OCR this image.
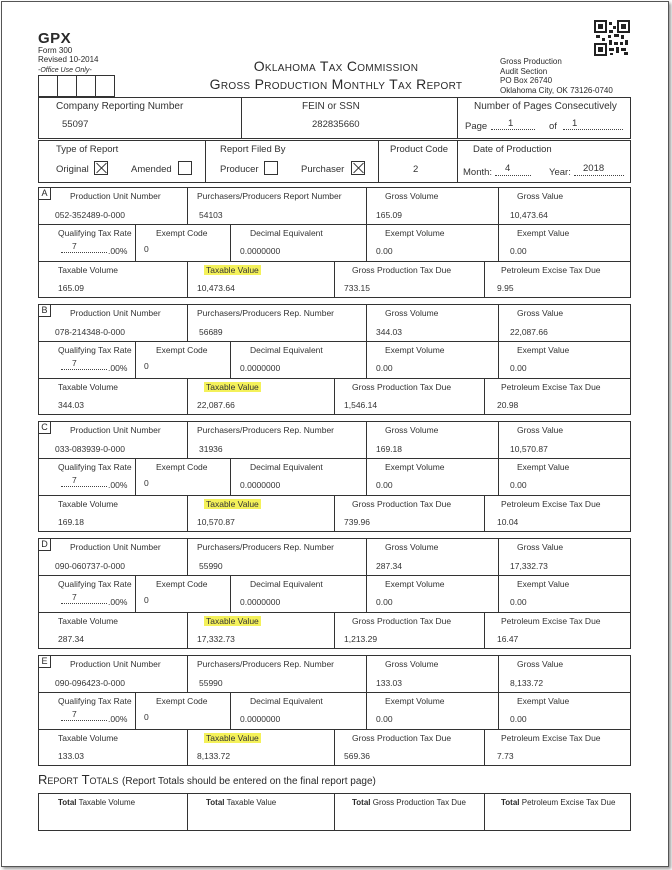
GPX
Form 300
Revised 10-2014
-Office Use Only-	Oklahoma Tax Commission
Gross Production Monthly Tax Report
Gross Production
Audit Section
PO Box 26740
Oklahoma City, OK 73126-0740
Company Reporting Number
55097
FEIN or SSN
282835660
Number of Pages Consecutively
Page 1	of 1
Type of Report
Original	Amended
Report Filed By
Producer	Purchaser
Product Code
2
Date of Production
Month: 4	Year: 2018
A	Production Unit Number
052-352489-0-000
Purchasers/Producers Report Number
54103
Gross Volume
165.09
Gross Value
10,473.64
Qualifying Tax Rate
7	.00%
Exempt Code
0
Decimal Equivalent
0.0000000
Exempt Volume
0.00
Exempt Value
0.00
Taxable Volume
165.09
Taxable Value
10,473.64
Gross Production Tax Due
733.15
Petroleum Excise Tax Due
9.95
B	Production Unit Number
078-214348-0-000
Purchasers/Producers Rep. Number
56689
Gross Volume
344.03
Gross Value
22,087.66
Qualifying Tax Rate
7	.00%
Exempt Code
0
Decimal Equivalent
0.0000000
Exempt Volume
0.00
Exempt Value
0.00
Taxable Volume
344.03
Taxable Value
22,087.66
Gross Production Tax Due
1,546.14
Petroleum Excise Tax Due
20.98
C	Production Unit Number
033-083939-0-000
Purchasers/Producers Rep. Number
31936
Gross Volume
169.18
Gross Value
10,570.87
Qualifying Tax Rate
7	.00%
Exempt Code
0
Decimal Equivalent
0.0000000
Exempt Volume
0.00
Exempt Value
0.00
Taxable Volume
169.18
Taxable Value
10,570.87
Gross Production Tax Due
739.96
Petroleum Excise Tax Due
10.04
D	Production Unit Number
090-060737-0-000
Purchasers/Producers Rep. Number
55990
Gross Volume
287.34
Gross Value
17,332.73
Qualifying Tax Rate
7	.00%
Exempt Code
0
Decimal Equivalent
0.0000000
Exempt Volume
0.00
Exempt Value
0.00
Taxable Volume
287.34
Taxable Value
17,332.73
Gross Production Tax Due
1,213.29
Petroleum Excise Tax Due
16.47
E	Production Unit Number
090-096423-0-000
Purchasers/Producers Rep. Number
55990
Gross Volume
133.03
Gross Value
8,133.72
Qualifying Tax Rate
7	.00%
Exempt Code
0
Decimal Equivalent
0.0000000
Exempt Volume
0.00
Exempt Value
0.00
Taxable Volume
133.03
Taxable Value
8,133.72
Gross Production Tax Due
569.36
Petroleum Excise Tax Due
7.73
Report Totals (Report Totals should be entered on the final report page)
Total Taxable Volume	Total Taxable Value	Total Gross Production Tax Due	Total Petroleum Excise Tax Due
